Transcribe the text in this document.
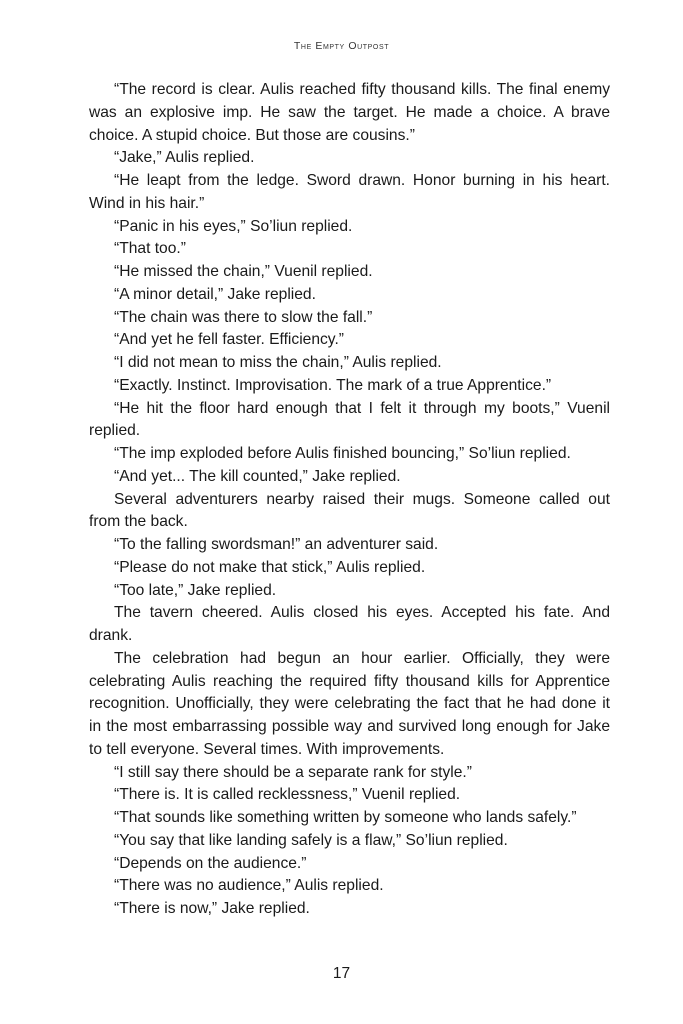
The Empty Outpost

“The record is clear. Aulis reached fifty thousand kills. The final enemy was an explosive imp. He saw the target. He made a choice. A brave choice. A stupid choice. But those are cousins.”

“Jake,” Aulis replied.

“He leapt from the ledge. Sword drawn. Honor burning in his heart. Wind in his hair.”

“Panic in his eyes,” So’liun replied.

“That too.”

“He missed the chain,” Vuenil replied.

“A minor detail,” Jake replied.

“The chain was there to slow the fall.”

“And yet he fell faster. Efficiency.”

“I did not mean to miss the chain,” Aulis replied.

“Exactly. Instinct. Improvisation. The mark of a true Apprentice.”

“He hit the floor hard enough that I felt it through my boots,” Vuenil replied.

“The imp exploded before Aulis finished bouncing,” So’liun replied.

“And yet... The kill counted,” Jake replied.

Several adventurers nearby raised their mugs. Someone called out from the back.

“To the falling swordsman!” an adventurer said.

“Please do not make that stick,” Aulis replied.

“Too late,” Jake replied.

The tavern cheered. Aulis closed his eyes. Accepted his fate. And drank.

The celebration had begun an hour earlier. Officially, they were celebrating Aulis reaching the required fifty thousand kills for Apprentice recognition. Unofficially, they were celebrating the fact that he had done it in the most embarrassing possible way and survived long enough for Jake to tell everyone. Several times. With improvements.

“I still say there should be a separate rank for style.”

“There is. It is called recklessness,” Vuenil replied.

“That sounds like something written by someone who lands safely.”

“You say that like landing safely is a flaw,” So’liun replied.

“Depends on the audience.”

“There was no audience,” Aulis replied.

“There is now,” Jake replied.

17
